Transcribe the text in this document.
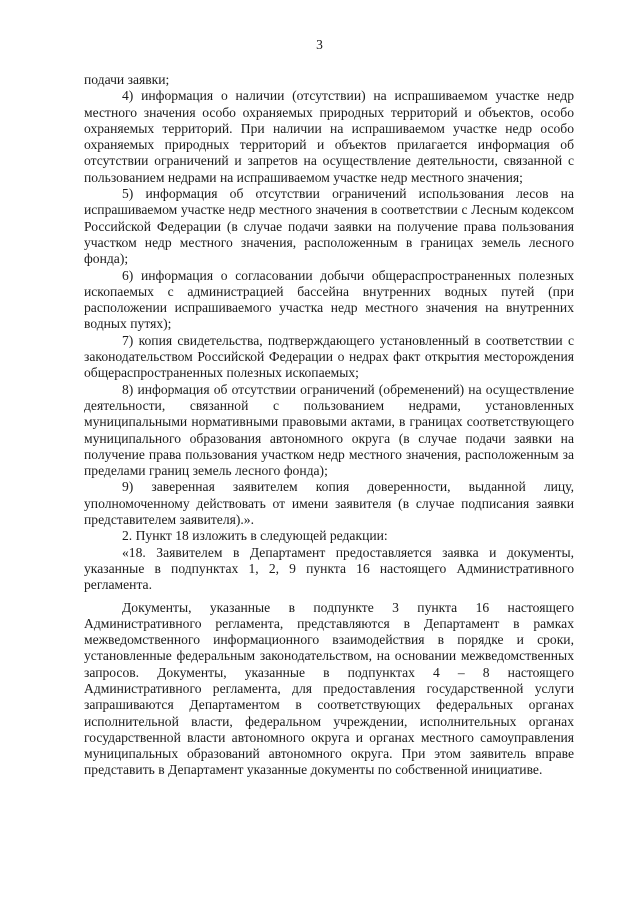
3

подачи заявки;

4) информация о наличии (отсутствии) на испрашиваемом участке недр местного значения особо охраняемых природных территорий и объектов, особо охраняемых территорий. При наличии на испрашиваемом участке недр особо охраняемых природных территорий и объектов прилагается информация об отсутствии ограничений и запретов на осуществление деятельности, связанной с пользованием недрами на испрашиваемом участке недр местного значения;

5) информация об отсутствии ограничений использования лесов на испрашиваемом участке недр местного значения в соответствии с Лесным кодексом Российской Федерации (в случае подачи заявки на получение права пользования участком недр местного значения, расположенным в границах земель лесного фонда);

6) информация о согласовании добычи общераспространенных полезных ископаемых с администрацией бассейна внутренних водных путей (при расположении испрашиваемого участка недр местного значения на внутренних водных путях);

7) копия свидетельства, подтверждающего установленный в соответствии с законодательством Российской Федерации о недрах факт открытия месторождения общераспространенных полезных ископаемых;

8) информация об отсутствии ограничений (обременений) на осуществление деятельности, связанной с пользованием недрами, установленных муниципальными нормативными правовыми актами, в границах соответствующего муниципального образования автономного округа (в случае подачи заявки на получение права пользования участком недр местного значения, расположенным за пределами границ земель лесного фонда);

9) заверенная заявителем копия доверенности, выданной лицу, уполномоченному действовать от имени заявителя (в случае подписания заявки представителем заявителя).».

2. Пункт 18 изложить в следующей редакции:

«18. Заявителем в Департамент предоставляется заявка и документы, указанные в подпунктах 1, 2, 9 пункта 16 настоящего Административного регламента.

Документы, указанные в подпункте 3 пункта 16 настоящего Административного регламента, представляются в Департамент в рамках межведомственного информационного взаимодействия в порядке и сроки, установленные федеральным законодательством, на основании межведомственных запросов. Документы, указанные в подпунктах 4 – 8 настоящего Административного регламента, для предоставления государственной услуги запрашиваются Департаментом в соответствующих федеральных органах исполнительной власти, федеральном учреждении, исполнительных органах государственной власти автономного округа и органах местного самоуправления муниципальных образований автономного округа. При этом заявитель вправе представить в Департамент указанные документы по собственной инициативе.
